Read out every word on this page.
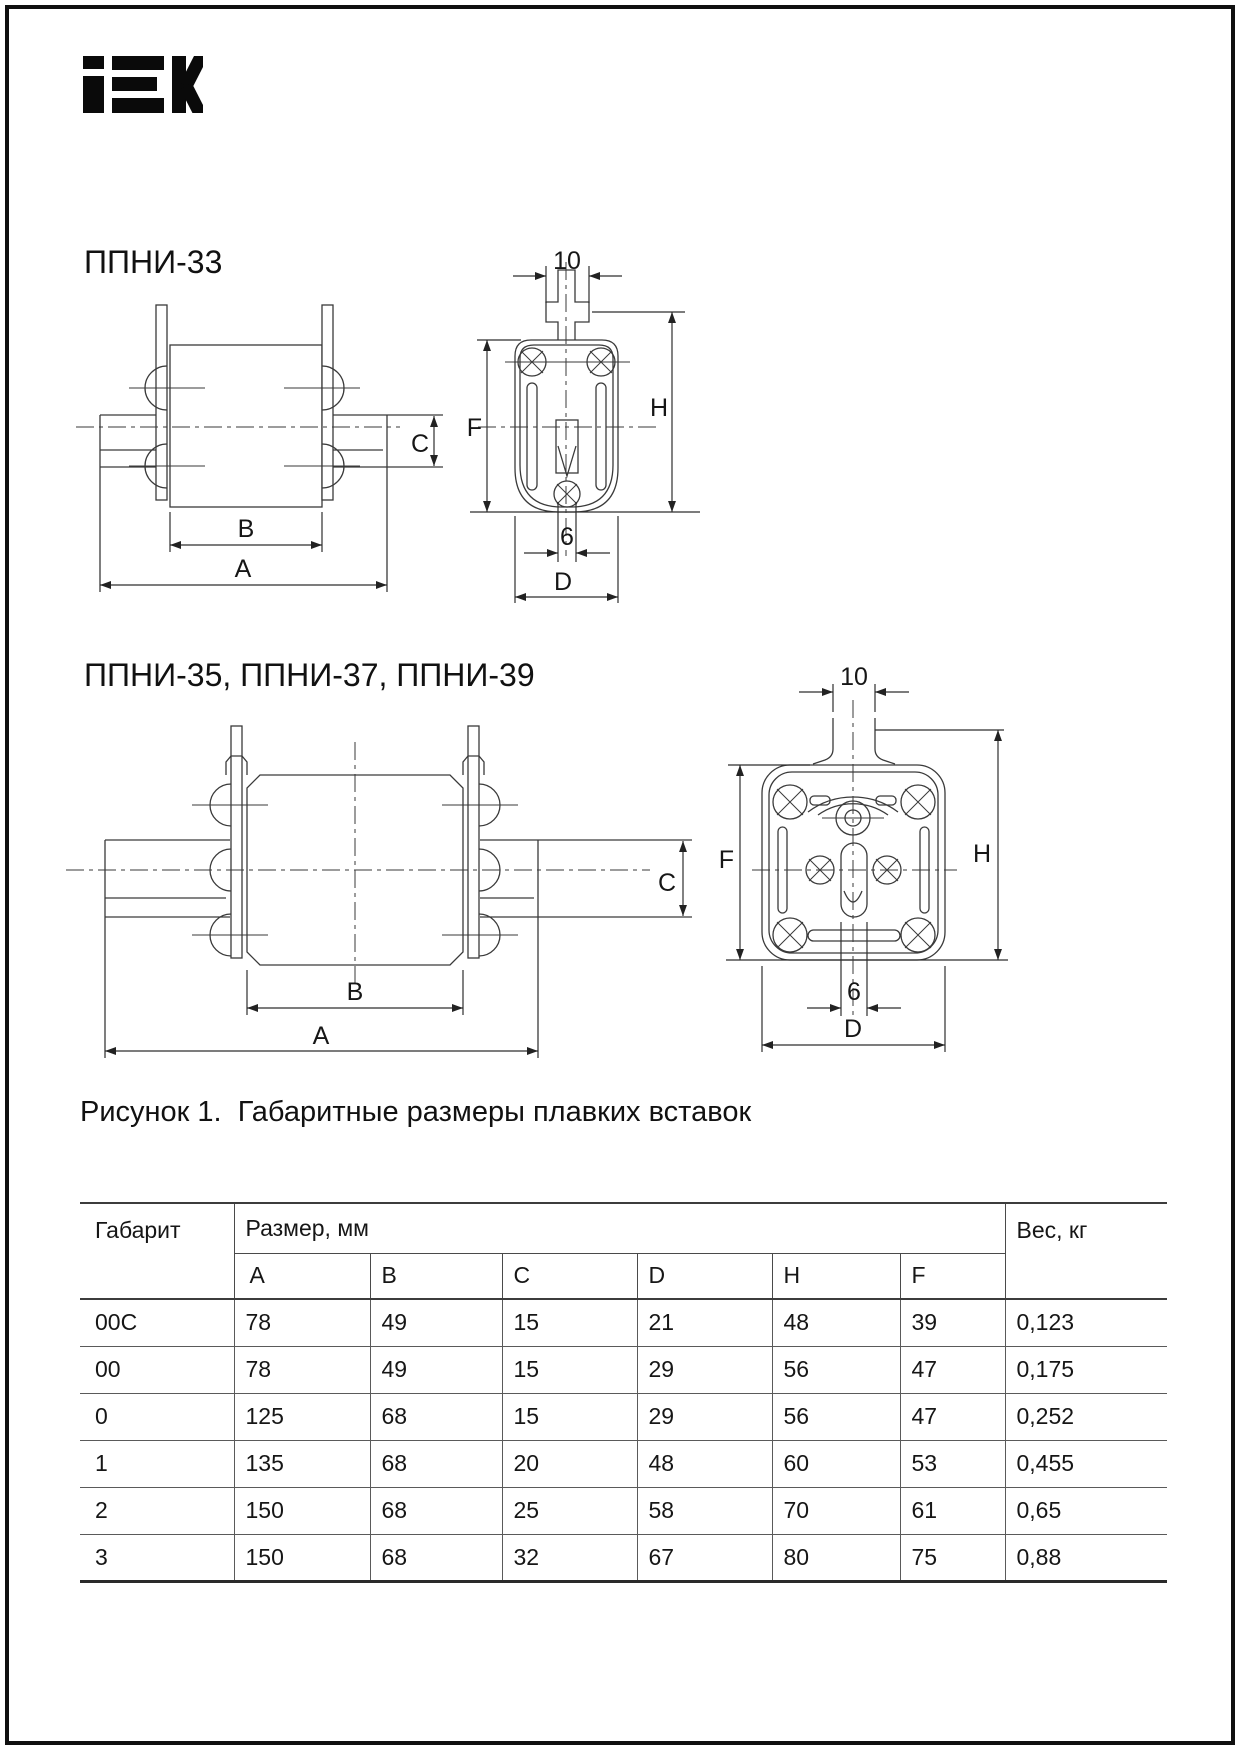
ППНИ-33
ППНИ-35, ППНИ-37, ППНИ-39
B
A
C
10
F
H
6
D
B
A
C
10
F	H
6
D
Рисунок 1.  Габаритные размеры плавких вставок
Габарит	Размер, мм						Вес, кг
	A	B	C	D	H	F	
00C	78	49	15	21	48	39	0,123
00	78	49	15	29	56	47	0,175
0	125	68	15	29	56	47	0,252
1	135	68	20	48	60	53	0,455
2	150	68	25	58	70	61	0,65
3	150	68	32	67	80	75	0,88
